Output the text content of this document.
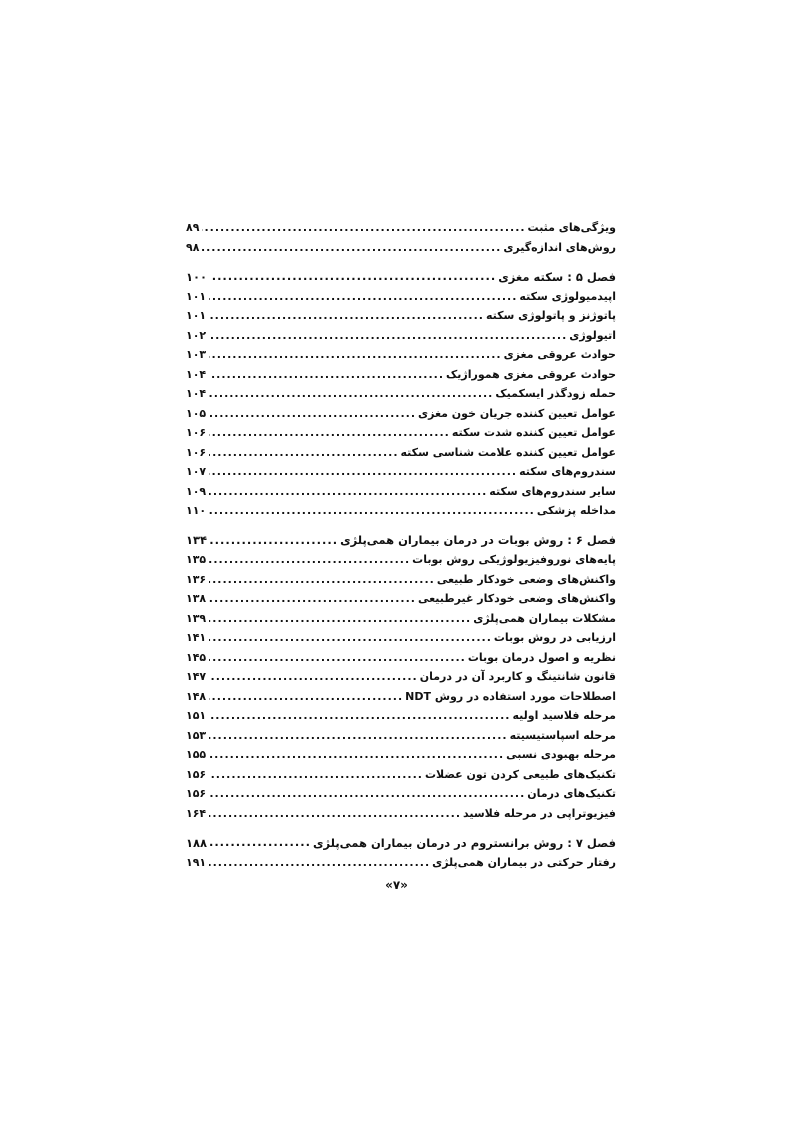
ویژگی‌های مثبت
.....
۸۹
روش‌های اندازه‌گیری
.....
۹۸
فصل ۵ : سکته مغزی
.....
۱۰۰
اپیدمیولوژی سکته
.....
۱۰۱
پاتوژنز و پاتولوژی سکته
.....
۱۰۱
اتیولوژی
.....
۱۰۲
حوادث عروقی مغزی
.....
۱۰۳
حوادث عروقی مغزی همورا‌ژیک
.....
۱۰۴
حمله زودگذر ایسکمیک
.....
۱۰۴
عوامل تعیین کننده جریان خون مغزی
.....
۱۰۵
عوامل تعیین کننده شدت سکته
.....
۱۰۶
عوامل تعیین کننده علامت شناسی سکته
.....
۱۰۶
سندروم‌های سکته
.....
۱۰۷
سایر سندروم‌های سکته
.....
۱۰۹
مداخله پزشکی
.....
۱۱۰
فصل ۶ : روش بوبات در درمان بیماران همی‌پلژی
.....
۱۳۴
پایه‌های نوروفیزیولوژیکی روش بوبات
.....
۱۳۵
واکنش‌های وضعی خودکار طبیعی
.....
۱۳۶
واکنش‌های وضعی خودکار غیرطبیعی
.....
۱۳۸
مشکلات بیماران همی‌پلژی
.....
۱۳۹
ارزیابی در روش بوبات
.....
۱۴۱
نظریه و اصول درمان بوبات
.....
۱۴۵
قانون شانتینگ و کاربرد آن در درمان
.....
۱۴۷
اصطلاحات مورد استفاده در روش NDT
.....
۱۴۸
مرحله فلاسید اولیه
.....
۱۵۱
مرحله اسپاستیسیته
.....
۱۵۳
مرحله بهبودی نسبی
.....
۱۵۵
تکنیک‌های طبیعی کردن تون عضلات
.....
۱۵۶
تکنیک‌های درمان
.....
۱۵۶
فیزیوتراپی در مرحله فلاسید
.....
۱۶۴
فصل ۷ : روش برانستروم در درمان بیماران همی‌پلژی
.....
۱۸۸
رفتار حرکتی در بیماران همی‌پلژی
.....
۱۹۱
«۷»
